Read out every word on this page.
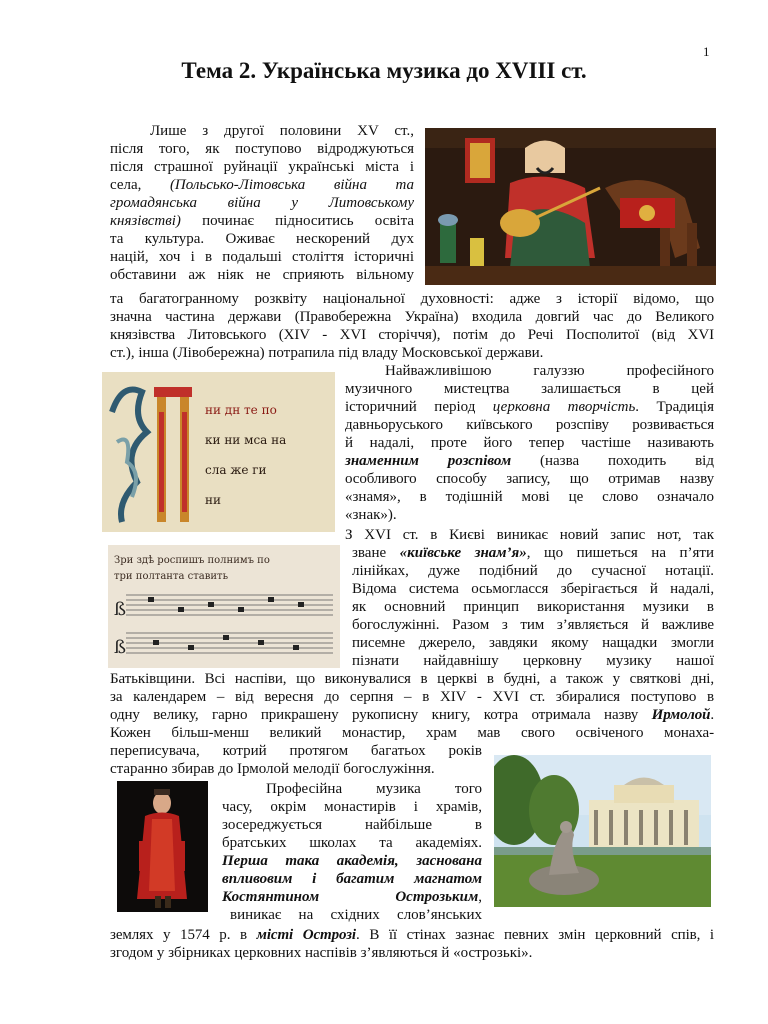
1
Тема 2. Українська музика до XVIII ст.
ни дн те по
ки ни мса на
сла же ги
ни
Зри здѣ роспишъ полнимъ по
три полтанта ставить
ß
ß
Лише з другої половини XV ст.,
після того, як поступово відроджуються
після страшної руйнації українські міста і
села, (Польсько-Літовська війна та
громадянська війна у Литовському
князівстві) починає підноситись освіта
та культура. Оживає нескорений дух
націй, хоч і в подальші століття історичні
обставини аж ніяк не сприяють вільному
та багатогранному розквіту національної духовності: адже з історії відомо, що
значна частина держави (Правобережна Україна) входила довгий час до Великого
князівства Литовського (XIV - XVI сторіччя), потім до Речі Посполитої (від XVI
ст.), інша (Лівобережна) потрапила під владу Московської держави.
Найважливішою галуззю професійного
музичного мистецтва залишається в цей
історичний період церковна творчість. Традиція
давньоруського київського розспіву розвивається
й надалі, проте його тепер частіше називають
знаменним розспівом (назва походить від
особливого способу запису, що отримав назву
«знамя», в тодішній мові це слово означало
«знак»).
З XVI ст. в Києві виникає новий запис нот, так
зване «київське знам’я», що пишеться на п’яти
лінійках, дуже подібний до сучасної нотації.
Відома система осьмогласся зберігається й надалі,
як основний принцип використання музики в
богослужінні. Разом з тим з’являється й важливе
писемне джерело, завдяки якому нащадки змогли
пізнати найдавнішу церковну музику нашої
Батьківщини. Всі наспіви, що виконувалися в церкві в будні, а також у святкові дні,
за календарем – від вересня до серпня – в XIV - XVI ст. збиралися поступово в
одну велику, гарно прикрашену рукописну книгу, котра отримала назву Ирмолой.
Кожен більш-менш великий монастир, храм мав свого освіченого монаха-
переписувача, котрий протягом багатьох років
старанно збирав до Ірмолой мелодії богослужіння.
Професійна музика того
часу, окрім монастирів і храмів,
зосереджується найбільше в
братських школах та академіях.
Перша така академія, заснована
впливовим і багатим магнатом
Костянтином Острозьким,
виникає на східних слов’янських
землях у 1574 р. в місті Острозі. В її стінах зазнає певних змін церковний спів, і
згодом у збірниках церковних наспівів з’являються й «острозькі».
